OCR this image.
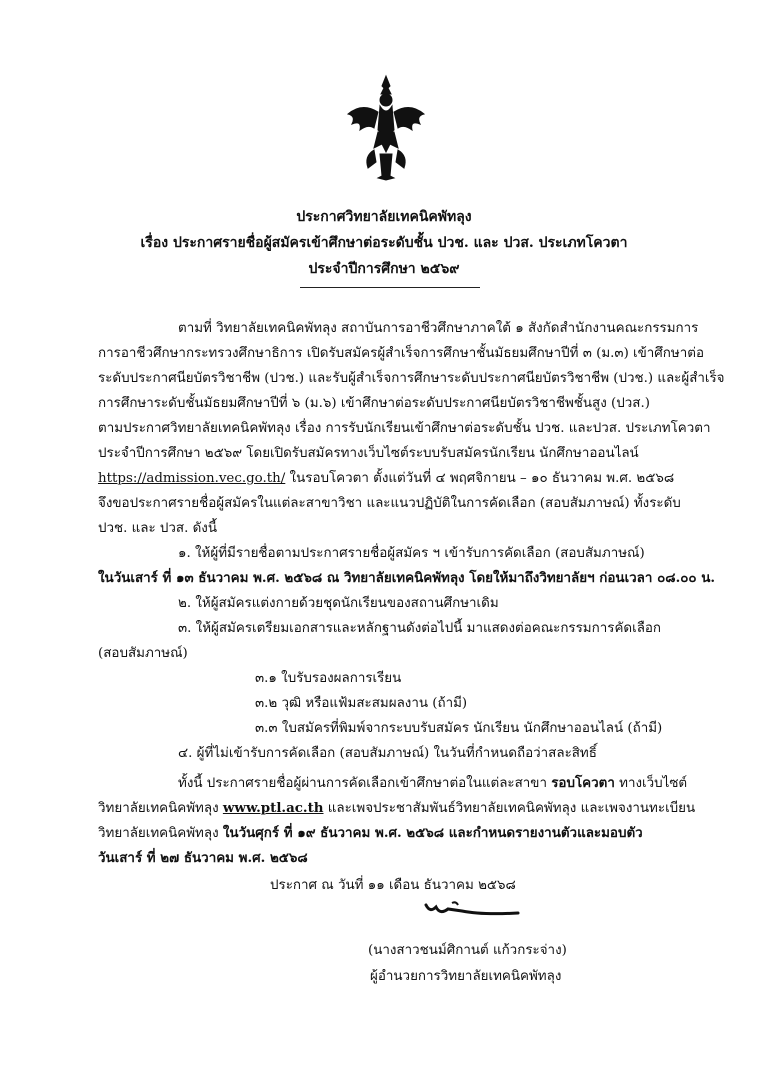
ประกาศวิทยาลัยเทคนิคพัทลุง
เรื่อง ประกาศรายชื่อผู้สมัครเข้าศึกษาต่อระดับชั้น ปวช. และ ปวส. ประเภทโควตา
ประจำปีการศึกษา ๒๕๖๙
ตามที่ วิทยาลัยเทคนิคพัทลุง สถาบันการอาชีวศึกษาภาคใต้ ๑ สังกัดสำนักงานคณะกรรมการ
การอาชีวศึกษากระทรวงศึกษาธิการ เปิดรับสมัครผู้สำเร็จการศึกษาชั้นมัธยมศึกษาปีที่ ๓ (ม.๓) เข้าศึกษาต่อ
ระดับประกาศนียบัตรวิชาชีพ (ปวช.) และรับผู้สำเร็จการศึกษาระดับประกาศนียบัตรวิชาชีพ (ปวช.) และผู้สำเร็จ
การศึกษาระดับชั้นมัธยมศึกษาปีที่ ๖ (ม.๖) เข้าศึกษาต่อระดับประกาศนียบัตรวิชาชีพชั้นสูง (ปวส.)
ตามประกาศวิทยาลัยเทคนิคพัทลุง เรื่อง การรับนักเรียนเข้าศึกษาต่อระดับชั้น ปวช. และปวส. ประเภทโควตา
ประจำปีการศึกษา ๒๕๖๙ โดยเปิดรับสมัครทางเว็บไซต์ระบบรับสมัครนักเรียน นักศึกษาออนไลน์
https://admission.vec.go.th/ ในรอบโควตา ตั้งแต่วันที่ ๔ พฤศจิกายน – ๑๐ ธันวาคม พ.ศ. ๒๕๖๘
จึงขอประกาศรายชื่อผู้สมัครในแต่ละสาขาวิชา และแนวปฏิบัติในการคัดเลือก (สอบสัมภาษณ์) ทั้งระดับ
ปวช. และ ปวส. ดังนี้
๑. ให้ผู้ที่มีรายชื่อตามประกาศรายชื่อผู้สมัคร ฯ เข้ารับการคัดเลือก (สอบสัมภาษณ์)
ในวันเสาร์ ที่ ๑๓ ธันวาคม พ.ศ. ๒๕๖๘ ณ วิทยาลัยเทคนิคพัทลุง โดยให้มาถึงวิทยาลัยฯ ก่อนเวลา ๐๘.๐๐ น.
๒. ให้ผู้สมัครแต่งกายด้วยชุดนักเรียนของสถานศึกษาเดิม
๓. ให้ผู้สมัครเตรียมเอกสารและหลักฐานดังต่อไปนี้ มาแสดงต่อคณะกรรมการคัดเลือก
(สอบสัมภาษณ์)
๓.๑ ใบรับรองผลการเรียน
๓.๒ วุฒิ หรือแฟ้มสะสมผลงาน (ถ้ามี)
๓.๓ ใบสมัครที่พิมพ์จากระบบรับสมัคร นักเรียน นักศึกษาออนไลน์ (ถ้ามี)
๔. ผู้ที่ไม่เข้ารับการคัดเลือก (สอบสัมภาษณ์) ในวันที่กำหนดถือว่าสละสิทธิ์
ทั้งนี้ ประกาศรายชื่อผู้ผ่านการคัดเลือกเข้าศึกษาต่อในแต่ละสาขา รอบโควตา ทางเว็บไซต์
วิทยาลัยเทคนิคพัทลุง www.ptl.ac.th และเพจประชาสัมพันธ์วิทยาลัยเทคนิคพัทลุง และเพจงานทะเบียน
วิทยาลัยเทคนิคพัทลุง ในวันศุกร์ ที่ ๑๙ ธันวาคม พ.ศ. ๒๕๖๘ และกำหนดรายงานตัวและมอบตัว
วันเสาร์ ที่ ๒๗ ธันวาคม พ.ศ. ๒๕๖๘
ประกาศ ณ วันที่ ๑๑ เดือน ธันวาคม ๒๕๖๘
(นางสาวชนม์ศิกานต์ แก้วกระจ่าง)
ผู้อำนวยการวิทยาลัยเทคนิคพัทลุง
